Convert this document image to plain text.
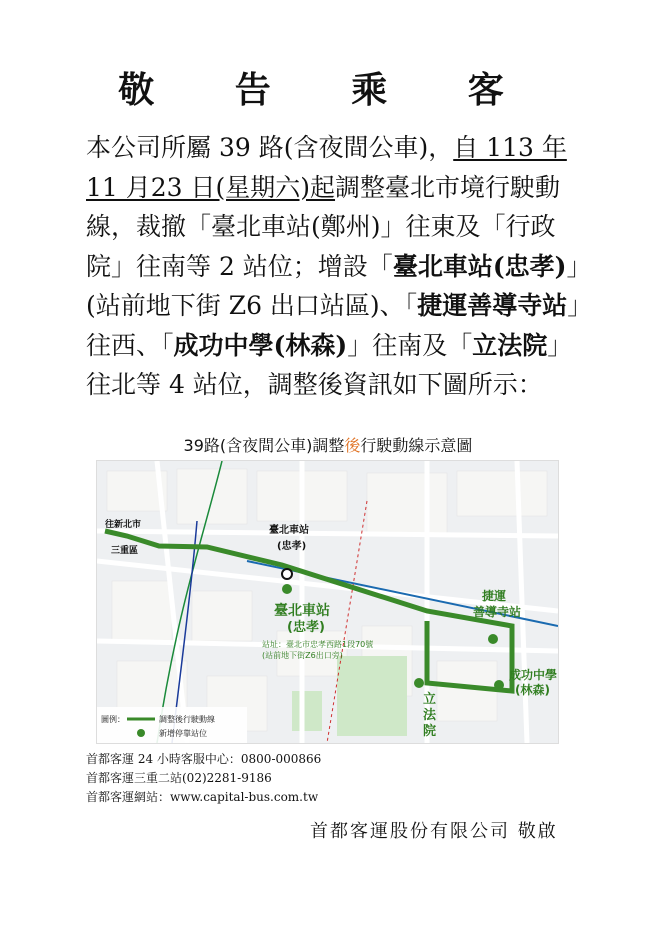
敬 告 乘 客
本公司所屬 39 路(含夜間公車)，自 113 年11 月23 日(星期六)起調整臺北市境行駛動線，裁撤「臺北車站(鄭州)」往東及「行政院」往南等 2 站位；增設「臺北車站(忠孝)」(站前地下街 Z6 出口站區)、「捷運善導寺站」往西、「成功中學(林森)」往南及「立法院」往北等 4 站位，調整後資訊如下圖所示：
39路(含夜間公車)調整後行駛動線示意圖
往新北市
三重區
臺北車站
(忠孝)
臺北車站
(忠孝)
站址：臺北市忠孝西路1段70號
(站前地下街Z6出口旁)
捷運
善導寺站
成功中學
(林森)
立
法
院
圖例：	調整後行駛動線
新增停靠站位
首都客運 24 小時客服中心：0800-000866
首都客運三重二站(02)2281-9186
首都客運網站：www.capital-bus.com.tw
首都客運股份有限公司 敬啟
